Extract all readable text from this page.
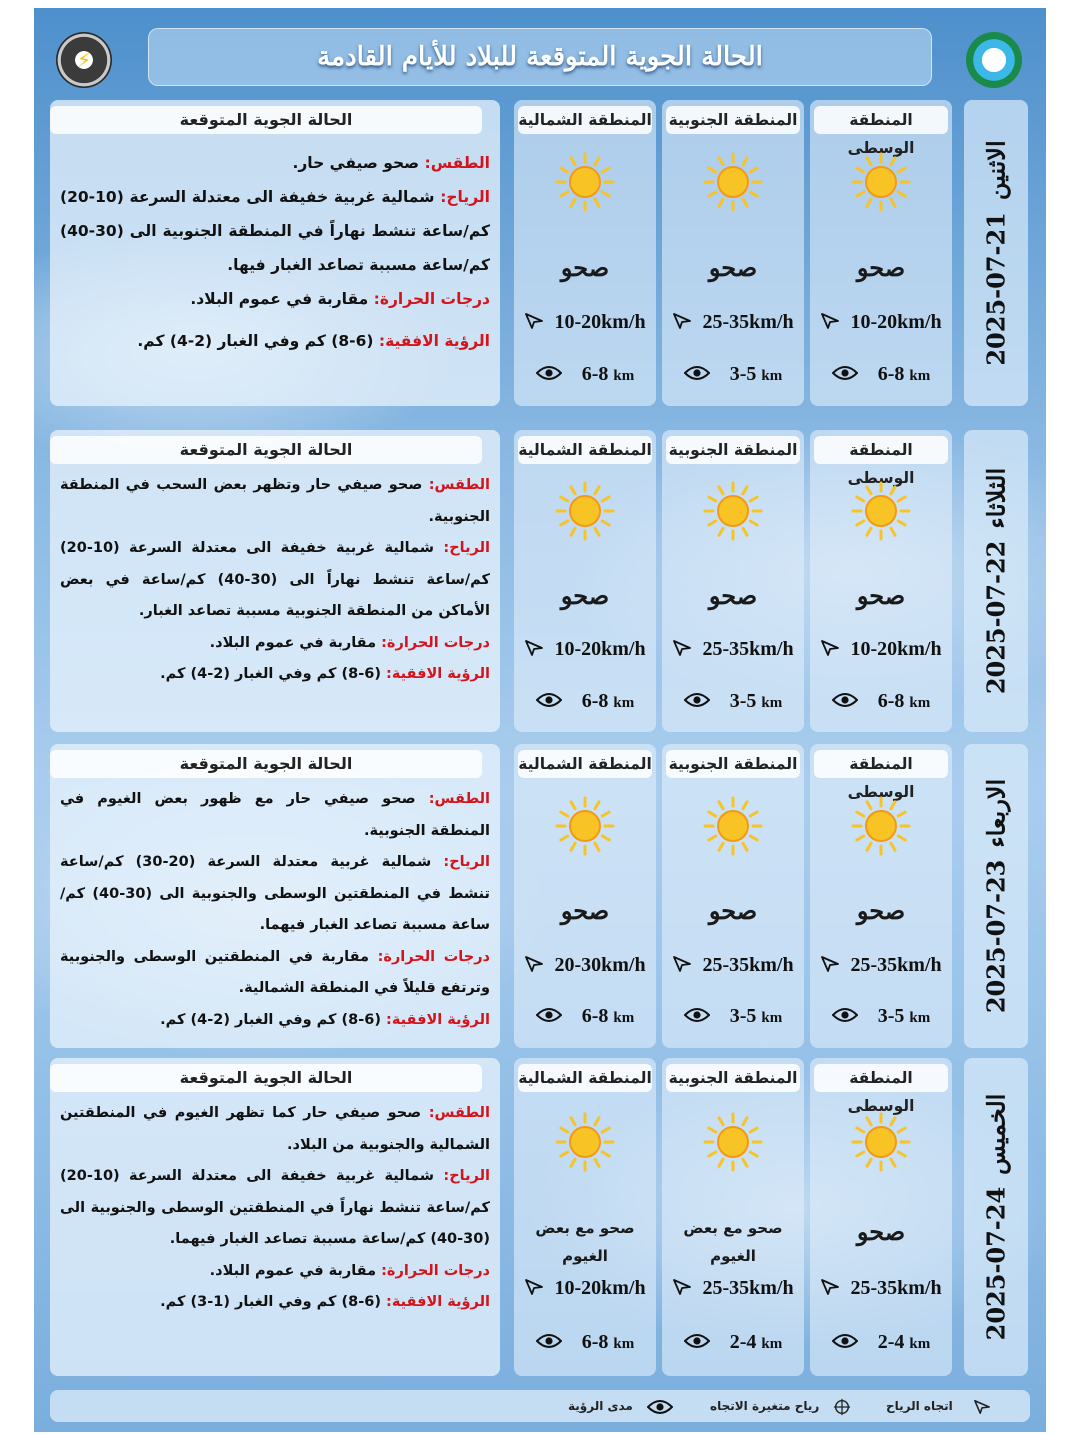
⚡	الحالة الجوية المتوقعة للبلاد للأيام القادمة	☁
الحالة الجوية المتوقعة

الطقس: صحو صيفي حار.

الرياح: شمالية غربية خفيفة الى معتدلة السرعة (10-20) كم/ساعة تنشط نهاراً في المنطقة الجنوبية الى (30-40) كم/ساعة مسببة تصاعد الغبار فيها.

درجات الحرارة: مقاربة في عموم البلاد.

الرؤية الافقية: (6-8) كم وفي الغبار (2-4) كم.

المنطقة الوسطى
صحو
10-20km/h
6-8 km
المنطقة الجنوبية
صحو
25-35km/h
3-5 km
المنطقة الشمالية
صحو
10-20km/h
6-8 km
2025-07-21الاثنين
الحالة الجوية المتوقعة

الطقس: صحو صيفي حار وتظهر بعض السحب في المنطقة الجنوبية.

الرياح: شمالية غربية خفيفة الى معتدلة السرعة (10-20) كم/ساعة تنشط نهاراً الى (30-40) كم/ساعة في بعض الأماكن من المنطقة الجنوبية مسببة تصاعد الغبار.

درجات الحرارة: مقاربة في عموم البلاد.

الرؤية الافقية: (6-8) كم وفي الغبار (2-4) كم.

المنطقة الوسطى
صحو
10-20km/h
6-8 km
المنطقة الجنوبية
صحو
25-35km/h
3-5 km
المنطقة الشمالية
صحو
10-20km/h
6-8 km
2025-07-22الثلاثاء
الحالة الجوية المتوقعة

الطقس: صحو صيفي حار مع ظهور بعض الغيوم في المنطقة الجنوبية.

الرياح: شمالية غربية معتدلة السرعة (20-30) كم/ساعة تنشط في المنطقتين الوسطى والجنوبية الى (30-40) كم/ساعة مسببة تصاعد الغبار فيهما.

درجات الحرارة: مقاربة في المنطقتين الوسطى والجنوبية وترتفع قليلاً في المنطقة الشمالية.

الرؤية الافقية: (6-8) كم وفي الغبار (2-4) كم.

المنطقة الوسطى
صحو
25-35km/h
3-5 km
المنطقة الجنوبية
صحو
25-35km/h
3-5 km
المنطقة الشمالية
صحو
20-30km/h
6-8 km
2025-07-23الاربعاء
الحالة الجوية المتوقعة

الطقس: صحو صيفي حار كما تظهر الغيوم في المنطقتين الشمالية والجنوبية من البلاد.

الرياح: شمالية غربية خفيفة الى معتدلة السرعة (10-20) كم/ساعة تنشط نهاراً في المنطقتين الوسطى والجنوبية الى (30-40) كم/ساعة مسببة تصاعد الغبار فيهما.

درجات الحرارة: مقاربة في عموم البلاد.

الرؤية الافقية: (6-8) كم وفي الغبار (1-3) كم.

المنطقة الوسطى
صحو
25-35km/h
2-4 km
المنطقة الجنوبية
صحو مع بعض الغيوم
25-35km/h
2-4 km
المنطقة الشمالية
صحو مع بعض الغيوم
10-20km/h
6-8 km
2025-07-24الخميس
اتجاه الرياح
رياح متغيرة الاتجاه
مدى الرؤية
